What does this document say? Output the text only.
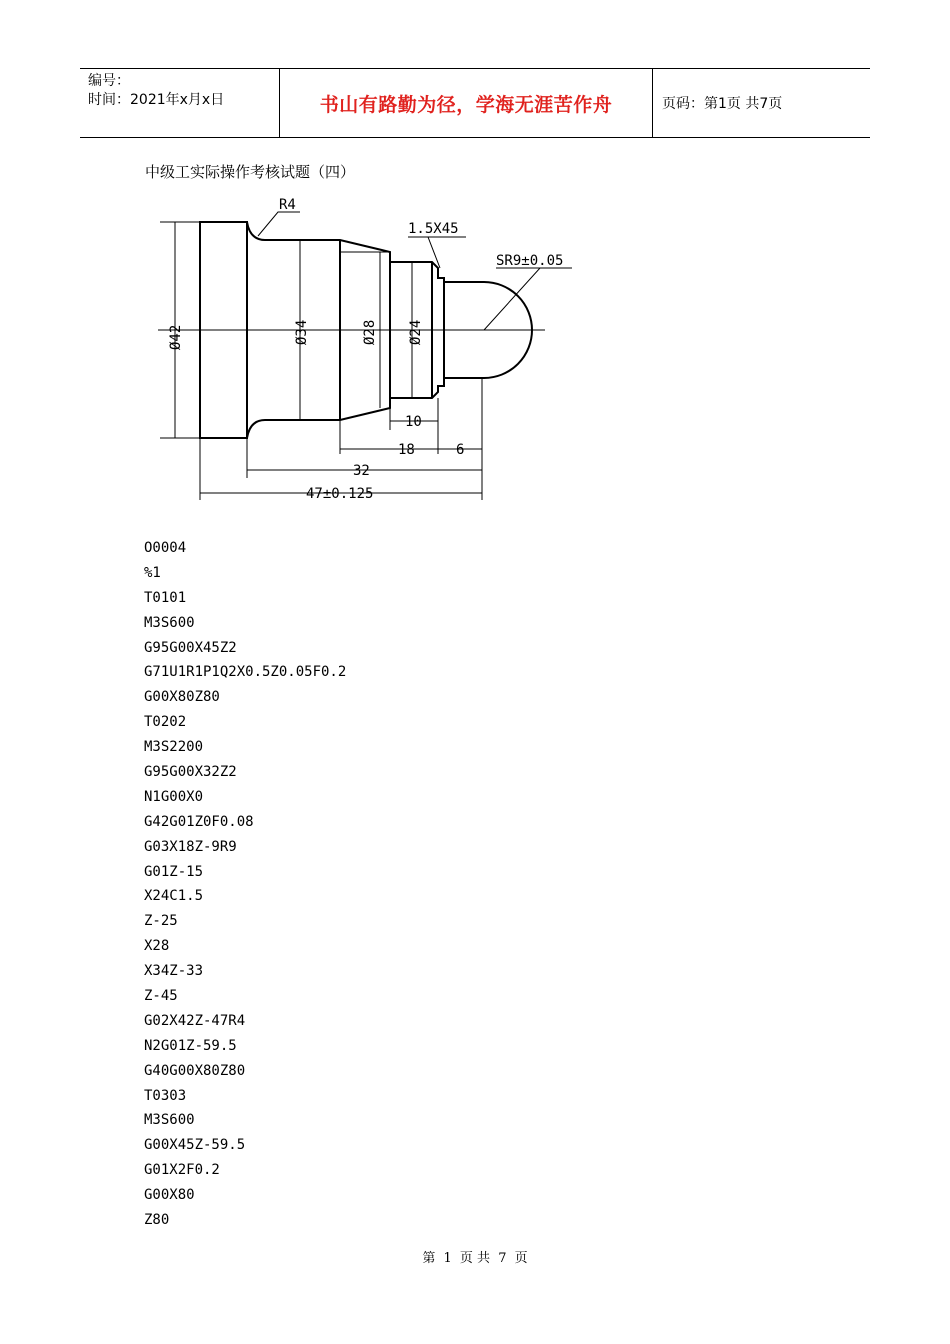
编号：
时间：2021年x月x日	书山有路勤为径，学海无涯苦作舟	页码：第1页 共7页
中级工实际操作考核试题（四）
R4
1.5X45
SR9±0.05
Ø42	Ø34	Ø28 Ø24
10
18	6
32
47±0.125
O0004
%1
T0101
M3S600
G95G00X45Z2
G71U1R1P1Q2X0.5Z0.05F0.2
G00X80Z80
T0202
M3S2200
G95G00X32Z2
N1G00X0
G42G01Z0F0.08
G03X18Z-9R9
G01Z-15
X24C1.5
Z-25
X28
X34Z-33
Z-45
G02X42Z-47R4
N2G01Z-59.5
G40G00X80Z80
T0303
M3S600
G00X45Z-59.5
G01X2F0.2
G00X80
Z80
第 1 页 共 7 页
